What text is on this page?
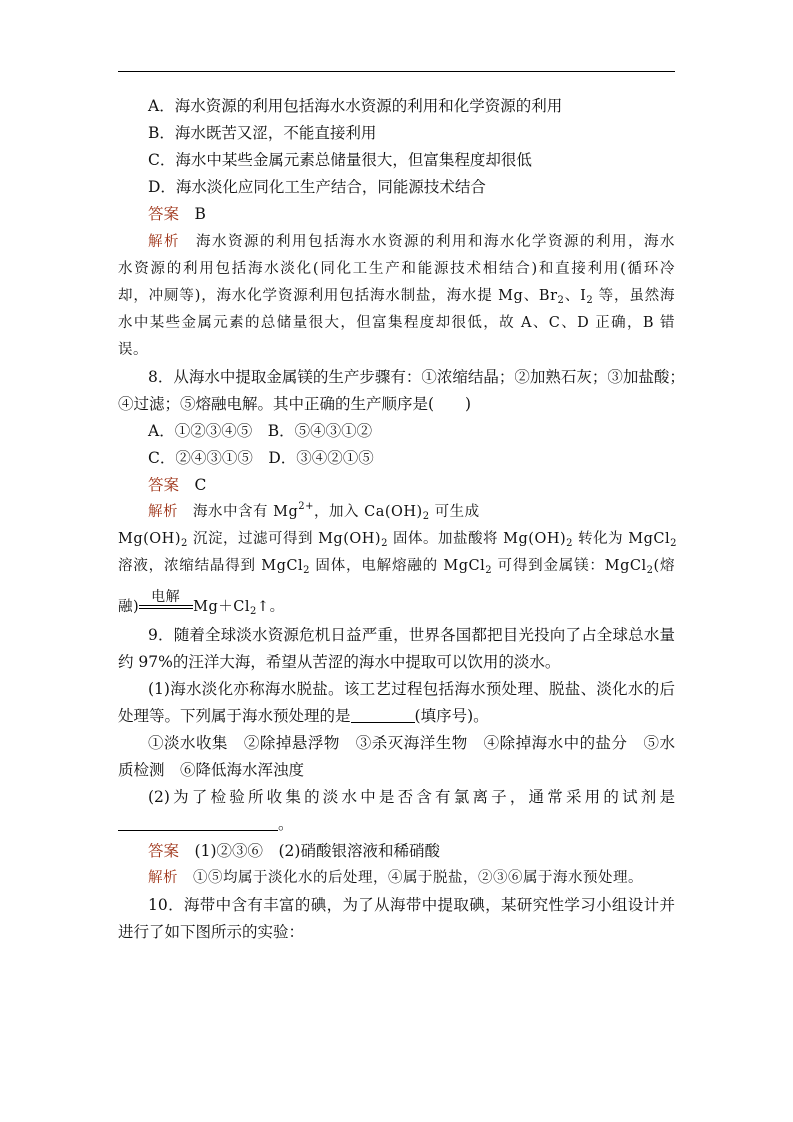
A．海水资源的利用包括海水水资源的利用和化学资源的利用
B．海水既苦又涩，不能直接利用
C．海水中某些金属元素总储量很大，但富集程度却很低
D．海水淡化应同化工生产结合，同能源技术结合
答案　 B
解析　 海水资源的利用包括海水水资源的利用和海水化学资源的利用，海水
水资源的利用包括海水淡化(同化工生产和能源技术相结合)和直接利用(循环冷
却，冲厕等)，海水化学资源利用包括海水制盐，海水提 Mg、$Br_2$、$I_2$ 等，虽然海
水中某些金属元素的总储量很大，但富集程度却很低，故 A、C、D 正确，B 错
误。
8．从海水中提取金属镁的生产步骤有：①浓缩结晶；②加熟石灰；③加盐酸；
④过滤；⑤熔融电解。其中正确的生产顺序是(　　)
A．①②③④⑤　B．⑤④③①②
C．②④③①⑤　D．③④②①⑤
答案　 C
解析　 海水中含有 $Mg^{2+}$，加入 $Ca(OH)_2$ 可生成
$Mg(OH)_2$ 沉淀，过滤可得到 $Mg(OH)_2$ 固体。加盐酸将 $Mg(OH)_2$ 转化为 MgCl$_2$
溶液，浓缩结晶得到 MgCl$_2$ 固体，电解熔融的 MgCl$_2$ 可得到金属镁：MgCl$_2$(熔
融)
电解
$Mg+Cl_2↑$。
9．随着全球淡水资源危机日益严重，世界各国都把目光投向了占全球总水量
约 97%的汪洋大海，希望从苦涩的海水中提取可以饮用的淡水。
(1)海水淡化亦称海水脱盐。该工艺过程包括海水预处理、脱盐、淡化水的后
处理等。下列属于海水预处理的是	(填序号)。
①淡水收集　②除掉悬浮物　③杀灭海洋生物　④除掉海水中的盐分　⑤水
质检测　⑥降低海水浑浊度
(2)为了检验所收集的淡水中是否含有氯离子，通常采用的试剂是
。
答案　 (1)②③⑥　(2)硝酸银溶液和稀硝酸
解析　 ①⑤均属于淡化水的后处理，④属于脱盐，②③⑥属于海水预处理。
10．海带中含有丰富的碘，为了从海带中提取碘，某研究性学习小组设计并
进行了如下图所示的实验：
